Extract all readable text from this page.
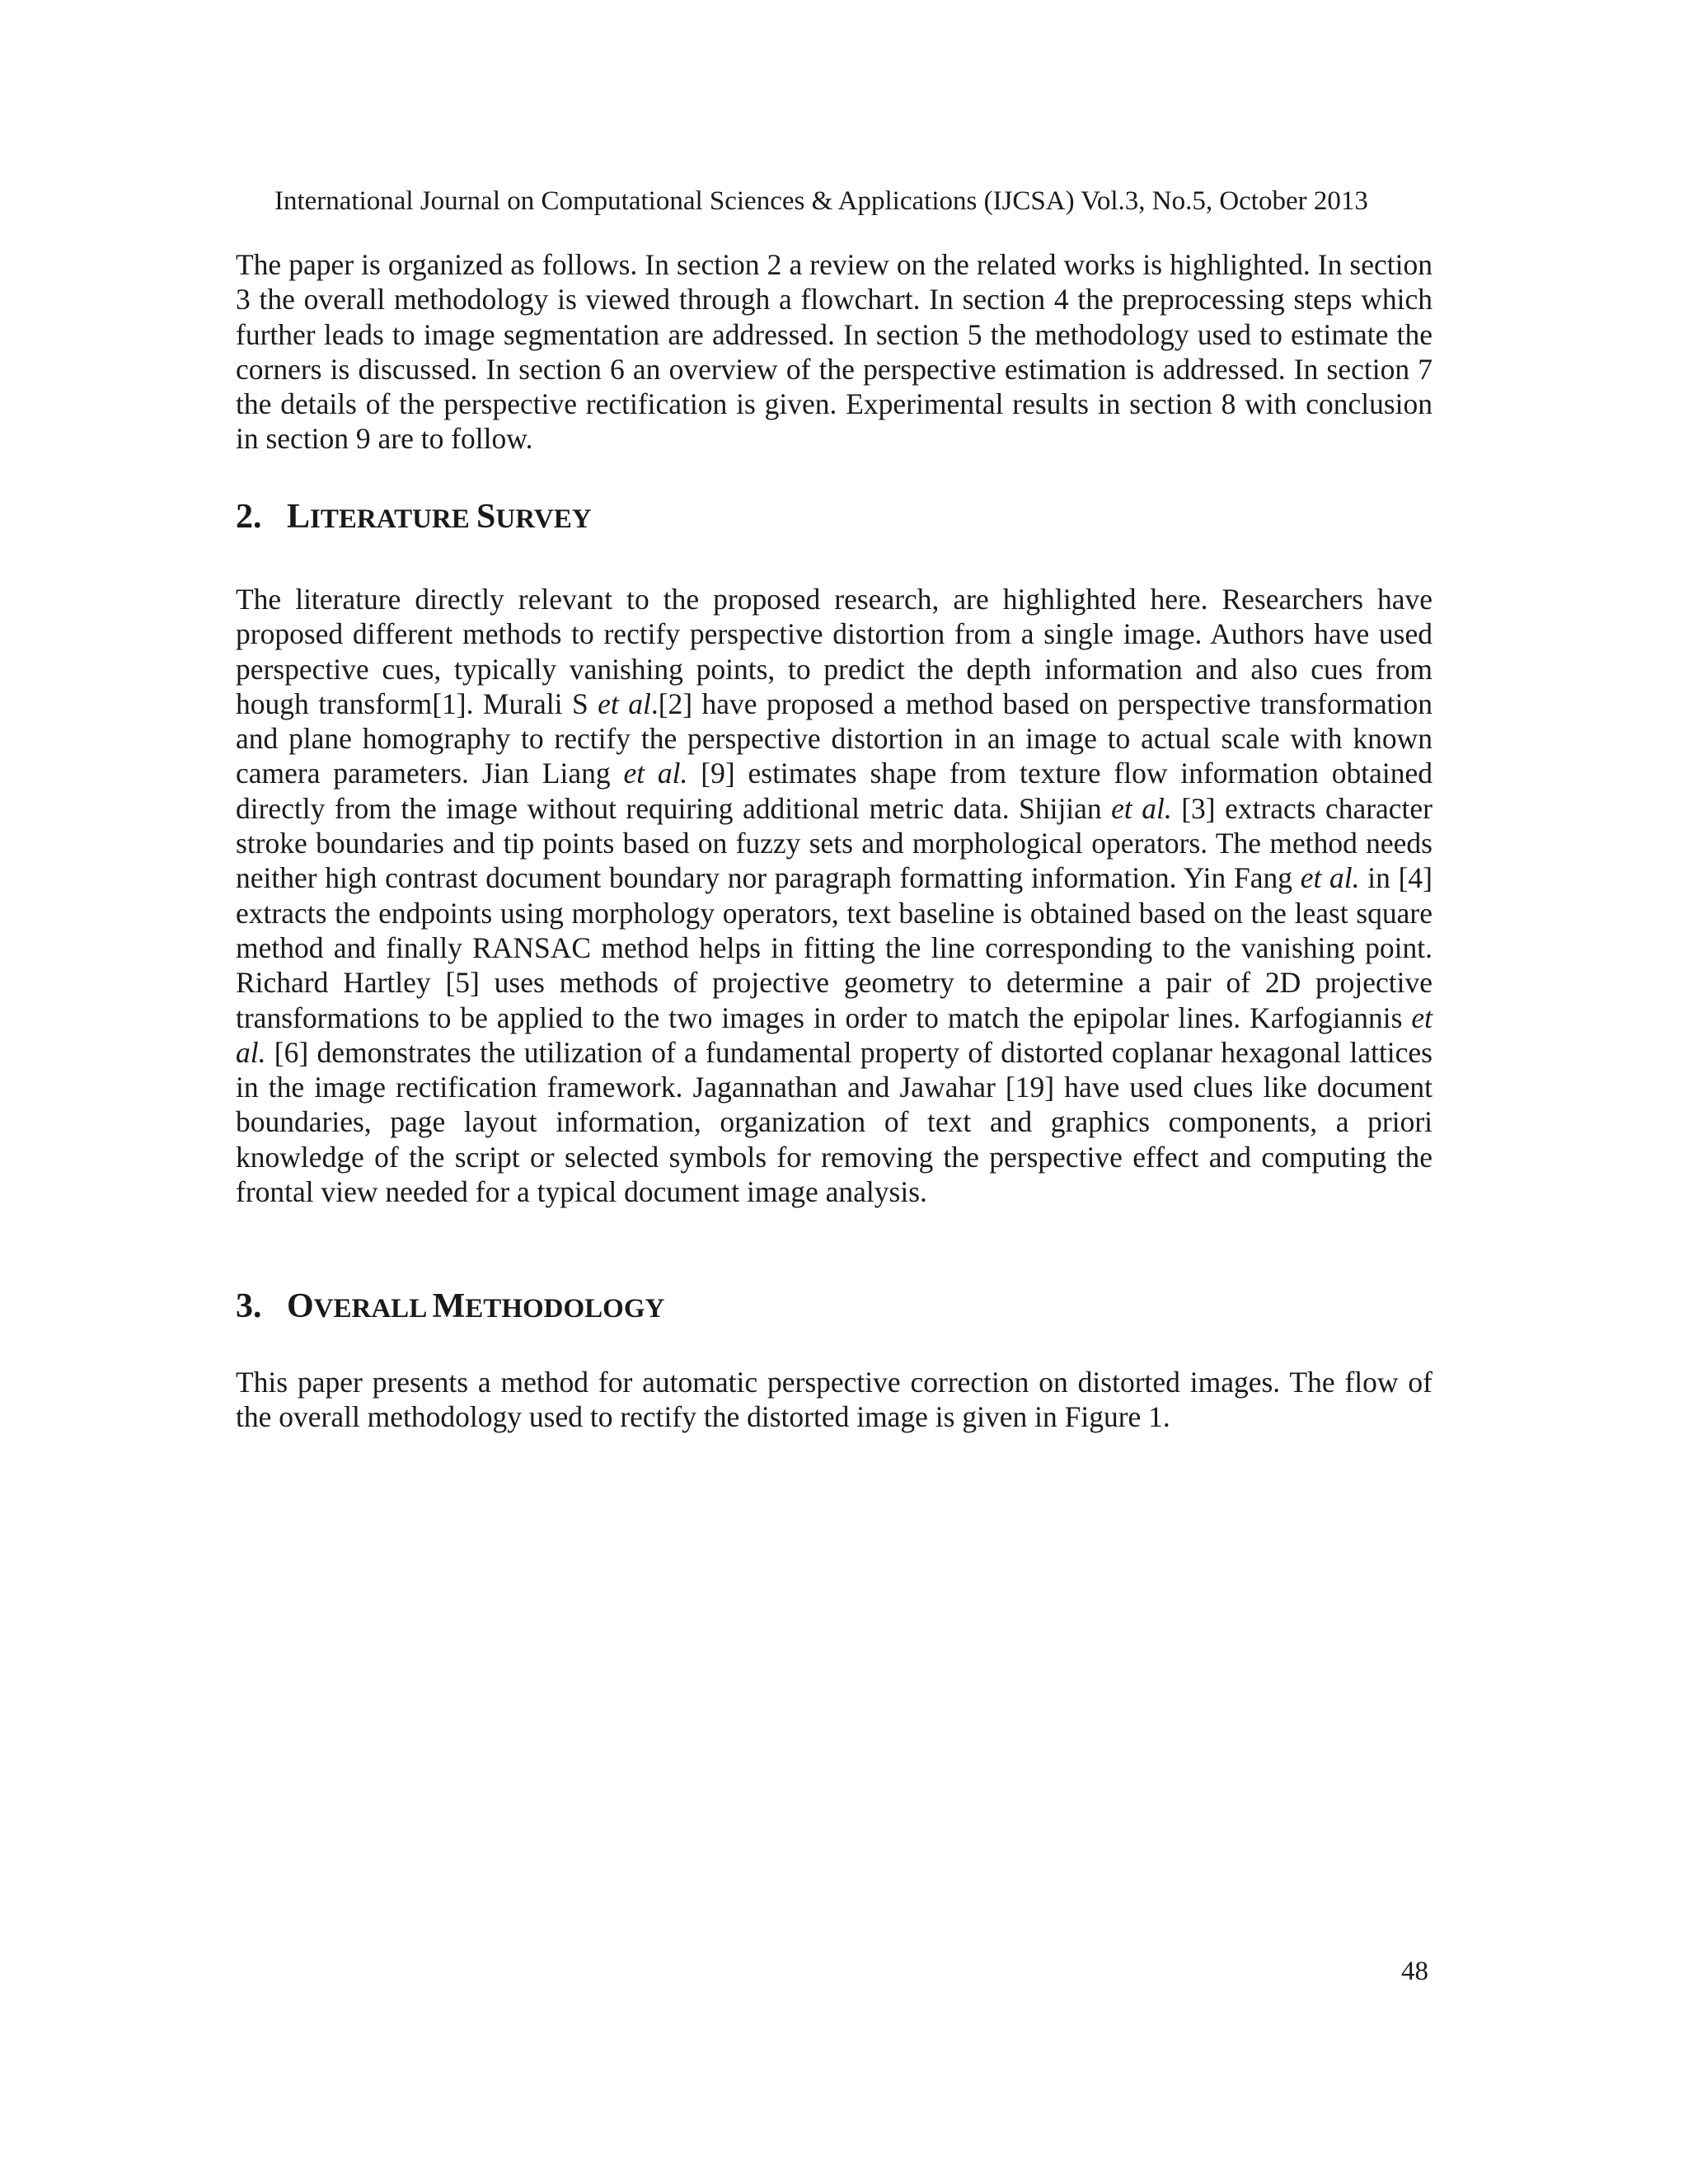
International Journal on Computational Sciences & Applications (IJCSA) Vol.3, No.5, October 2013

The paper is organized as follows. In section 2 a review on the related works is highlighted. In section 3 the overall methodology is viewed through a flowchart. In section 4 the preprocessing steps which further leads to image segmentation are addressed. In section 5 the methodology used to estimate the corners is discussed. In section 6 an overview of the perspective estimation is addressed. In section 7 the details of the perspective rectification is given. Experimental results in section 8 with conclusion in section 9 are to follow.

2. LITERATURE SURVEY

The literature directly relevant to the proposed research, are highlighted here. Researchers have proposed different methods to rectify perspective distortion from a single image. Authors have used perspective cues, typically vanishing points, to predict the depth information and also cues from hough transform[1]. Murali S et al.[2] have proposed a method based on perspective transformation and plane homography to rectify the perspective distortion in an image to actual scale with known camera parameters. Jian Liang et al. [9] estimates shape from texture flow information obtained directly from the image without requiring additional metric data. Shijian et al. [3] extracts character stroke boundaries and tip points based on fuzzy sets and morphological operators. The method needs neither high contrast document boundary nor paragraph formatting information. Yin Fang et al. in [4] extracts the endpoints using morphology operators, text baseline is obtained based on the least square method and finally RANSAC method helps in fitting the line corresponding to the vanishing point. Richard Hartley [5] uses methods of projective geometry to determine a pair of 2D projective transformations to be applied to the two images in order to match the epipolar lines. Karfogiannis et al. [6] demonstrates the utilization of a fundamental property of distorted coplanar hexagonal lattices in the image rectification framework. Jagannathan and Jawahar [19] have used clues like document boundaries, page layout information, organization of text and graphics components, a priori knowledge of the script or selected symbols for removing the perspective effect and computing the frontal view needed for a typical document image analysis.

3. OVERALL METHODOLOGY

This paper presents a method for automatic perspective correction on distorted images. The flow of the overall methodology used to rectify the distorted image is given in Figure 1.

48
